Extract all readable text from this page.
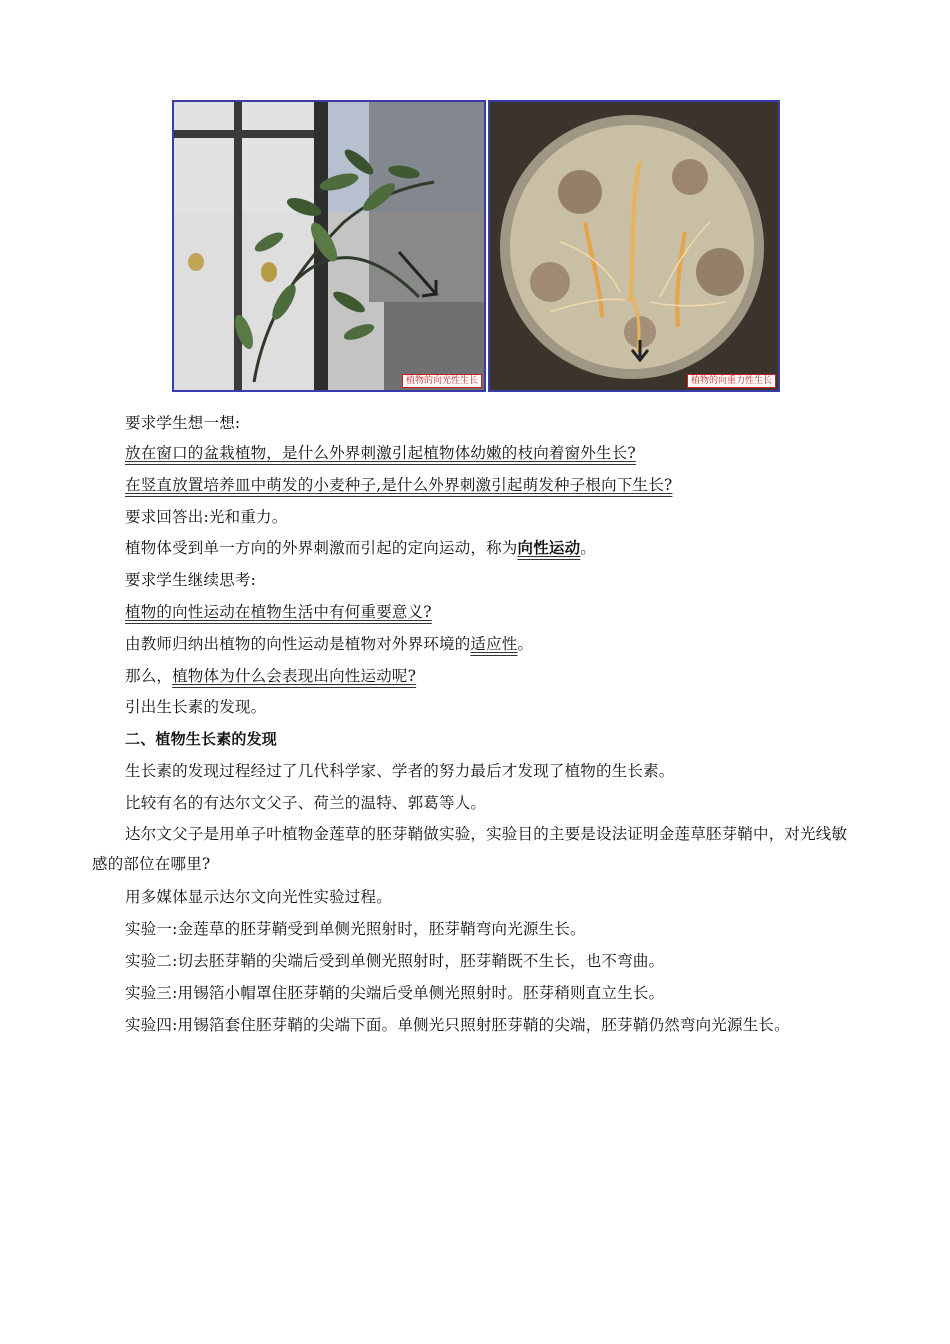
植物的向光性生长	植物的向重力性生长
要求学生想一想:
放在窗口的盆栽植物，是什么外界刺激引起植物体幼嫩的枝向着窗外生长?
在竖直放置培养皿中萌发的小麦种子,是什么外界刺激引起萌发种子根向下生长?
要求回答出:光和重力。
植物体受到单一方向的外界刺激而引起的定向运动，称为向性运动。
要求学生继续思考:
植物的向性运动在植物生活中有何重要意义?
由教师归纳出植物的向性运动是植物对外界环境的适应性。
那么，植物体为什么会表现出向性运动呢?
引出生长素的发现。
二、植物生长素的发现
生长素的发现过程经过了几代科学家、学者的努力最后才发现了植物的生长素。
比较有名的有达尔文父子、荷兰的温特、郭葛等人。
达尔文父子是用单子叶植物金莲草的胚芽鞘做实验，实验目的主要是设法证明金莲草胚芽鞘中，对光线敏感的部位在哪里?
用多媒体显示达尔文向光性实验过程。
实验一:金莲草的胚芽鞘受到单侧光照射时，胚芽鞘弯向光源生长。
实验二:切去胚芽鞘的尖端后受到单侧光照射时，胚芽鞘既不生长，也不弯曲。
实验三:用锡箔小帽罩住胚芽鞘的尖端后受单侧光照射时。胚芽稍则直立生长。
实验四:用锡箔套住胚芽鞘的尖端下面。单侧光只照射胚芽鞘的尖端，胚芽鞘仍然弯向光源生长。
